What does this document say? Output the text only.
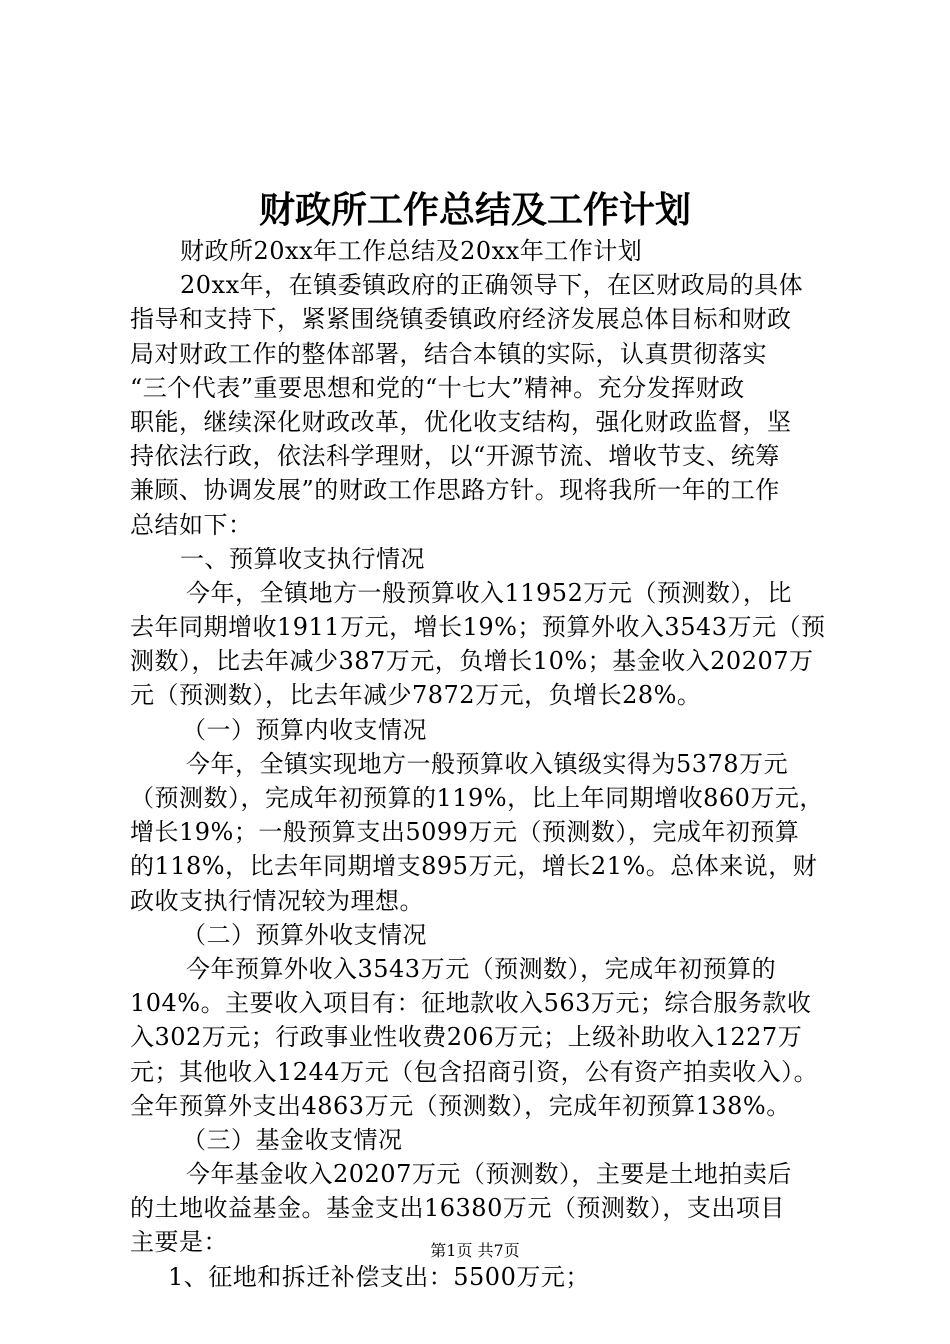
财政所工作总结及工作计划
财政所20xx年工作总结及20xx年工作计划
20xx年，在镇委镇政府的正确领导下，在区财政局的具体
指导和支持下，紧紧围绕镇委镇政府经济发展总体目标和财政
局对财政工作的整体部署，结合本镇的实际，认真贯彻落实
“三个代表”重要思想和党的“十七大”精神。充分发挥财政
职能，继续深化财政改革，优化收支结构，强化财政监督，坚
持依法行政，依法科学理财，以“开源节流、增收节支、统筹
兼顾、协调发展”的财政工作思路方针。现将我所一年的工作
总结如下：
一、预算收支执行情况
今年，全镇地方一般预算收入11952万元（预测数），比
去年同期增收1911万元，增长19%；预算外收入3543万元（预
测数），比去年减少387万元，负增长10%；基金收入20207万
元（预测数），比去年减少7872万元，负增长28%。
（一）预算内收支情况
今年，全镇实现地方一般预算收入镇级实得为5378万元
（预测数），完成年初预算的119%，比上年同期增收860万元，
增长19%；一般预算支出5099万元（预测数），完成年初预算
的118%，比去年同期增支895万元，增长21%。总体来说，财
政收支执行情况较为理想。
（二）预算外收支情况
今年预算外收入3543万元（预测数），完成年初预算的
104%。主要收入项目有：征地款收入563万元；综合服务款收
入302万元；行政事业性收费206万元；上级补助收入1227万
元；其他收入1244万元（包含招商引资，公有资产拍卖收入）。
全年预算外支出4863万元（预测数），完成年初预算138%。
（三）基金收支情况
今年基金收入20207万元（预测数），主要是土地拍卖后
的土地收益基金。基金支出16380万元（预测数），支出项目
主要是：
1、征地和拆迁补偿支出：5500万元；
第1页 共7页
